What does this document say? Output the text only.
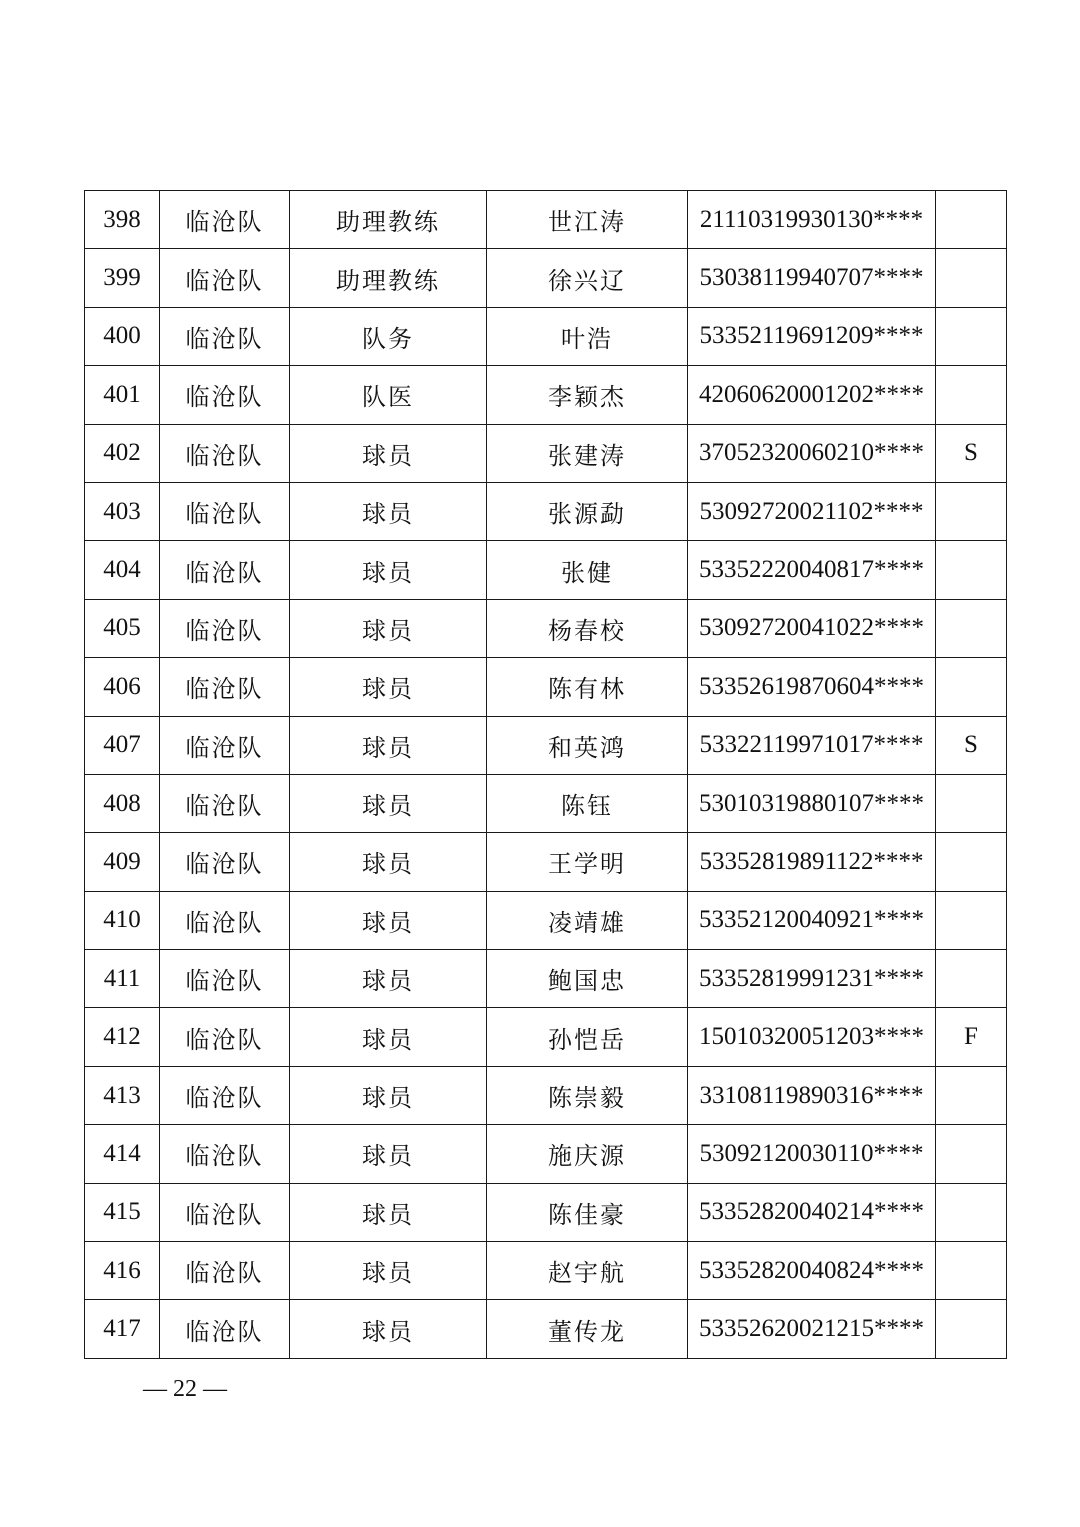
398	临沧队	助理教练	世江涛	21110319930130****	
399	临沧队	助理教练	徐兴辽	53038119940707****	
400	临沧队	队务	叶浩	53352119691209****	
401	临沧队	队医	李颖杰	42060620001202****	
402	临沧队	球员	张建涛	37052320060210****	S
403	临沧队	球员	张源勐	53092720021102****	
404	临沧队	球员	张健	53352220040817****	
405	临沧队	球员	杨春校	53092720041022****	
406	临沧队	球员	陈有林	53352619870604****	
407	临沧队	球员	和英鸿	53322119971017****	S
408	临沧队	球员	陈钰	53010319880107****	
409	临沧队	球员	王学明	53352819891122****	
410	临沧队	球员	凌靖雄	53352120040921****	
411	临沧队	球员	鲍国忠	53352819991231****	
412	临沧队	球员	孙恺岳	15010320051203****	F
413	临沧队	球员	陈崇毅	33108119890316****	
414	临沧队	球员	施庆源	53092120030110****	
415	临沧队	球员	陈佳豪	53352820040214****	
416	临沧队	球员	赵宇航	53352820040824****	
417	临沧队	球员	董传龙	53352620021215****	
— 22 —
